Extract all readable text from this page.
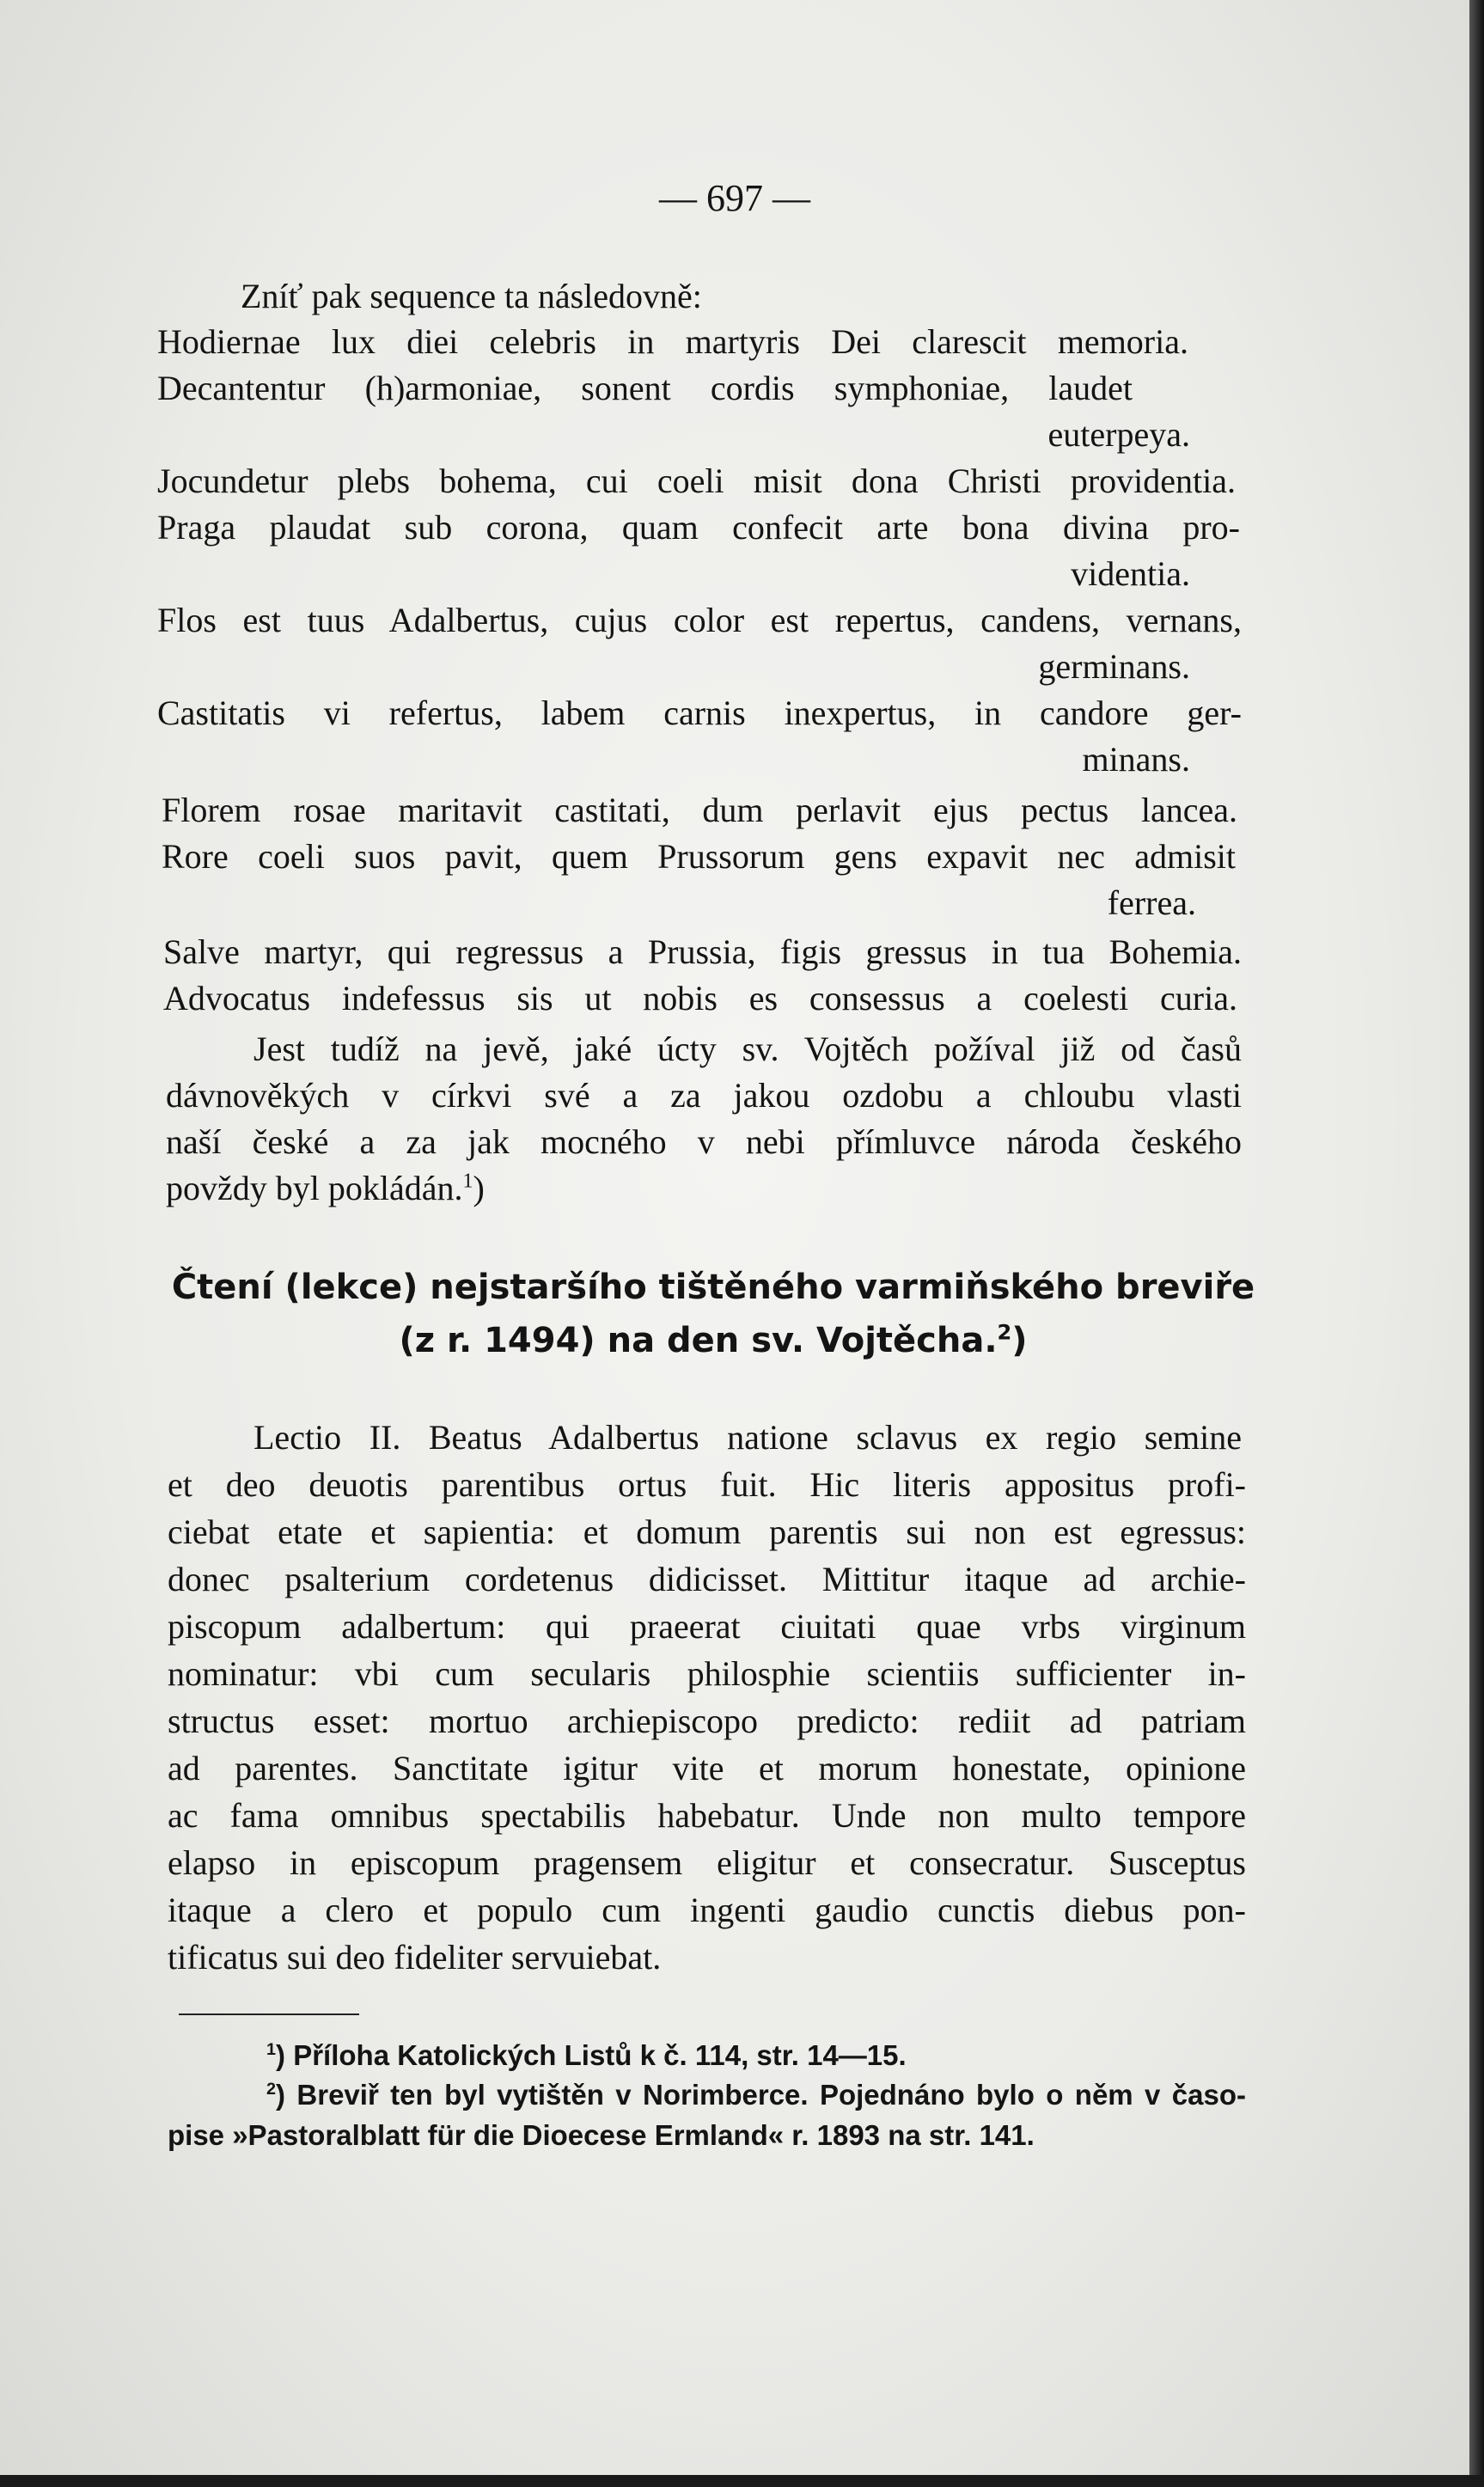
— 697 —
Zníť pak sequence ta následovně:
Hodiernae lux diei celebris in martyris Dei clarescit memoria.
Decantentur (h)armoniae, sonent cordis symphoniae, laudet
euterpeya.
Jocundetur plebs bohema, cui coeli misit dona Christi providentia.
Praga plaudat sub corona, quam confecit arte bona divina pro-
videntia.
Flos est tuus Adalbertus, cujus color est repertus, candens, vernans,
germinans.
Castitatis vi refertus, labem carnis inexpertus, in candore ger-
minans.
Florem rosae maritavit castitati, dum perlavit ejus pectus lancea.
Rore coeli suos pavit, quem Prussorum gens expavit nec admisit
ferrea.
Salve martyr, qui regressus a Prussia, figis gressus in tua Bohemia.
Advocatus indefessus sis ut nobis es consessus a coelesti curia.
Jest tudíž na jevě, jaké úcty sv. Vojtěch požíval již od časů
dávnověkých v církvi své a za jakou ozdobu a chloubu vlasti
naší české a za jak mocného v nebi přímluvce národa českého
povždy byl pokládán.$^1$)
Čtení (lekce) nejstaršího tištěného varmiňského breviře
(z r. 1494) na den sv. Vojtěcha.$^2$)
Lectio II. Beatus Adalbertus natione sclavus ex regio semine
et deo deuotis parentibus ortus fuit. Hic literis appositus profi-
ciebat etate et sapientia: et domum parentis sui non est egressus:
donec psalterium cordetenus didicisset. Mittitur itaque ad archie-
piscopum adalbertum: qui praeerat ciuitati quae vrbs virginum
nominatur: vbi cum secularis philosphie scientiis sufficienter in-
structus esset: mortuo archiepiscopo predicto: rediit ad patriam
ad parentes. Sanctitate igitur vite et morum honestate, opinione
ac fama omnibus spectabilis habebatur. Unde non multo tempore
elapso in episcopum pragensem eligitur et consecratur. Susceptus
itaque a clero et populo cum ingenti gaudio cunctis diebus pon-
tificatus sui deo fideliter servuiebat.
$^1$) Příloha Katolických Listů k č. 114, str. 14—15.
$^2$) Breviř ten byl vytištěn v Norimberce. Pojednáno bylo o něm v časo-
pise »Pastoralblatt für die Dioecese Ermland« r. 1893 na str. 141.
